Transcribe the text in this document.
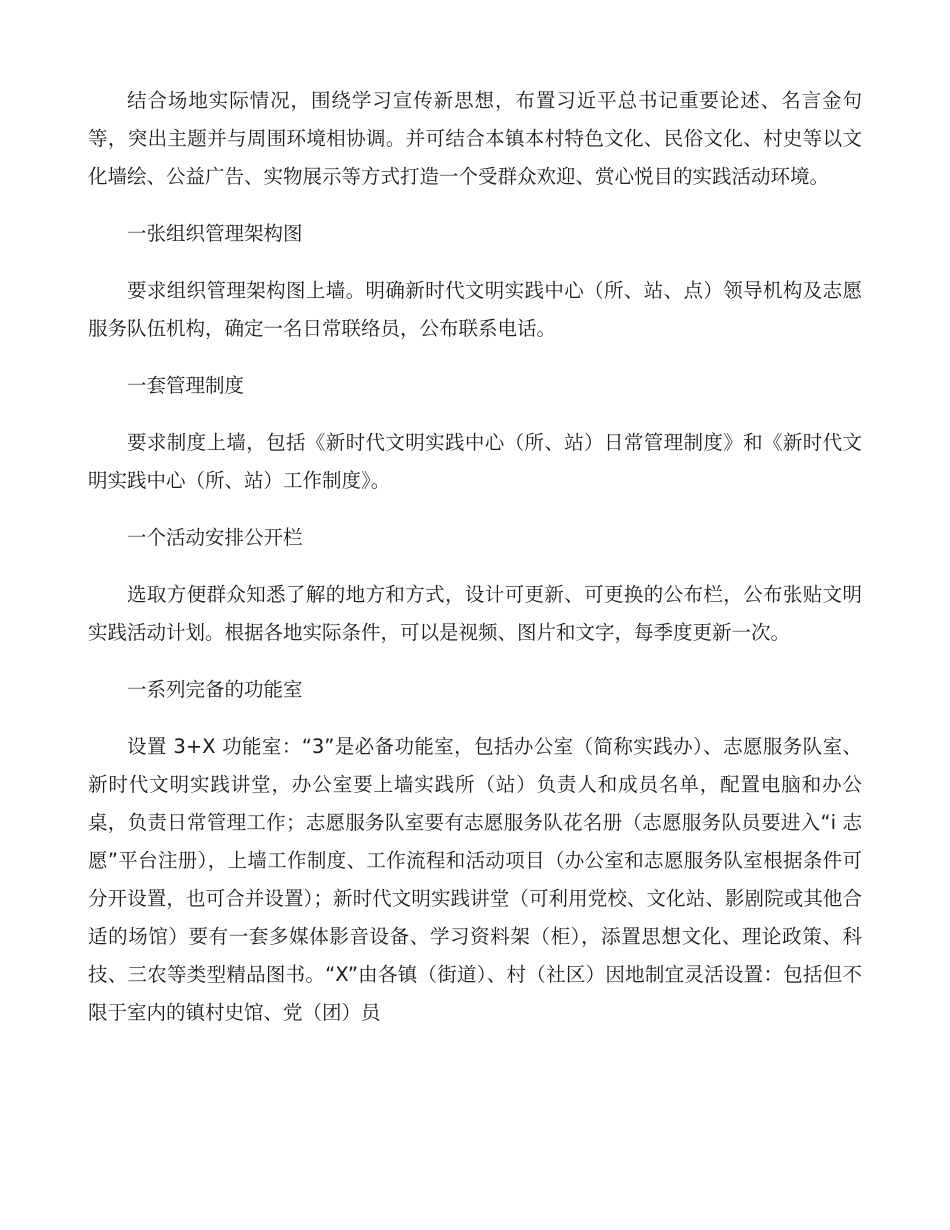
结合场地实际情况，围绕学习宣传新思想，布置习近平总书记重要论述、名言金句等，突出主题并与周围环境相协调。并可结合本镇本村特色文化、民俗文化、村史等以文化墙绘、公益广告、实物展示等方式打造一个受群众欢迎、赏心悦目的实践活动环境。

一张组织管理架构图

要求组织管理架构图上墙。明确新时代文明实践中心（所、站、点）领导机构及志愿服务队伍机构，确定一名日常联络员，公布联系电话。

一套管理制度

要求制度上墙，包括《新时代文明实践中心（所、站）日常管理制度》和《新时代文明实践中心（所、站）工作制度》。

一个活动安排公开栏

选取方便群众知悉了解的地方和方式，设计可更新、可更换的公布栏，公布张贴文明实践活动计划。根据各地实际条件，可以是视频、图片和文字，每季度更新一次。

一系列完备的功能室

设置 3+X 功能室：“3”是必备功能室，包括办公室（简称实践办）、志愿服务队室、新时代文明实践讲堂，办公室要上墙实践所（站）负责人和成员名单，配置电脑和办公桌，负责日常管理工作；志愿服务队室要有志愿服务队花名册（志愿服务队员要进入“i 志愿”平台注册），上墙工作制度、工作流程和活动项目（办公室和志愿服务队室根据条件可分开设置，也可合并设置）；新时代文明实践讲堂（可利用党校、文化站、影剧院或其他合适的场馆）要有一套多媒体影音设备、学习资料架（柜），添置思想文化、理论政策、科技、三农等类型精品图书。“X”由各镇（街道）、村（社区）因地制宜灵活设置：包括但不限于室内的镇村史馆、党（团）员
